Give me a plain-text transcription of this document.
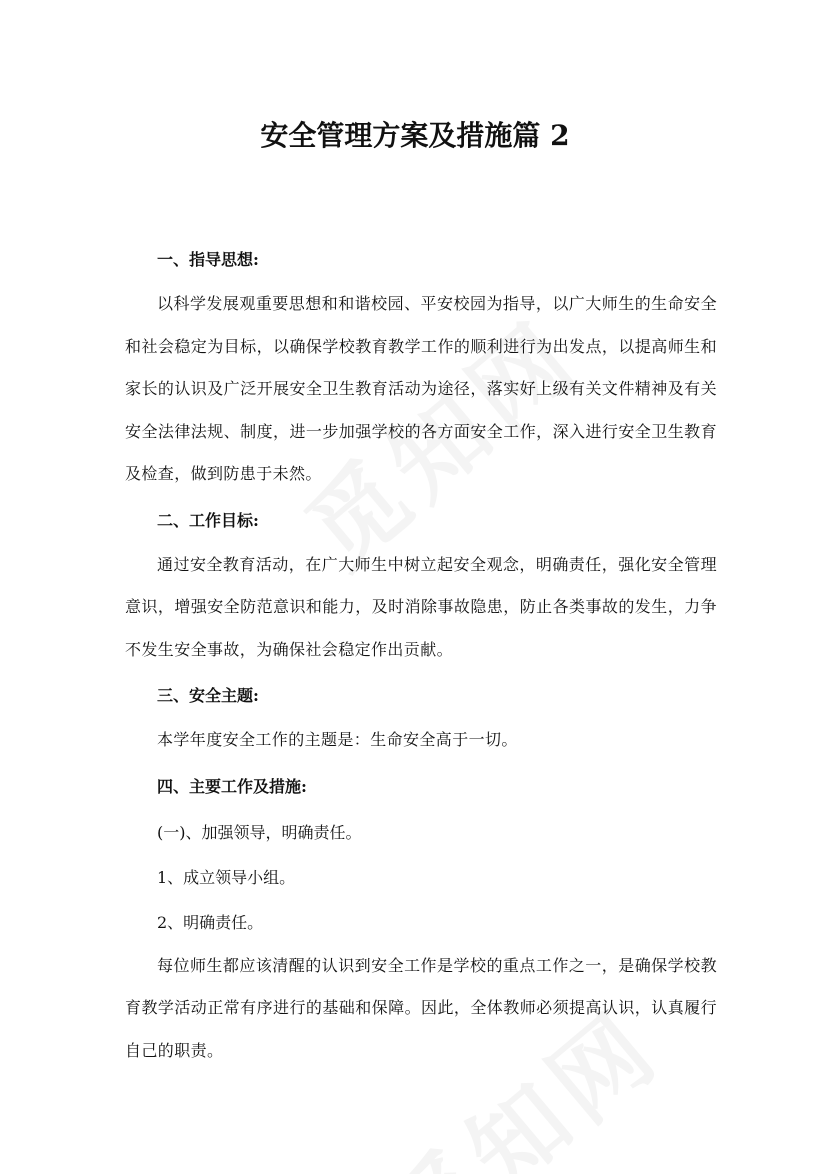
安全管理方案及措施篇 2

一、指导思想:

以科学发展观重要思想和和谐校园、平安校园为指导，以广大师生的生命安全和社会稳定为目标，以确保学校教育教学工作的顺利进行为出发点，以提高师生和家长的认识及广泛开展安全卫生教育活动为途径，落实好上级有关文件精神及有关安全法律法规、制度，进一步加强学校的各方面安全工作，深入进行安全卫生教育及检查，做到防患于未然。

二、工作目标:

通过安全教育活动，在广大师生中树立起安全观念，明确责任，强化安全管理意识，增强安全防范意识和能力，及时消除事故隐患，防止各类事故的发生，力争不发生安全事故，为确保社会稳定作出贡献。

三、安全主题:

本学年度安全工作的主题是：生命安全高于一切。

四、主要工作及措施:

(一)、加强领导，明确责任。

1、成立领导小组。

2、明确责任。

每位师生都应该清醒的认识到安全工作是学校的重点工作之一，是确保学校教育教学活动正常有序进行的基础和保障。因此，全体教师必须提高认识，认真履行自己的职责。
